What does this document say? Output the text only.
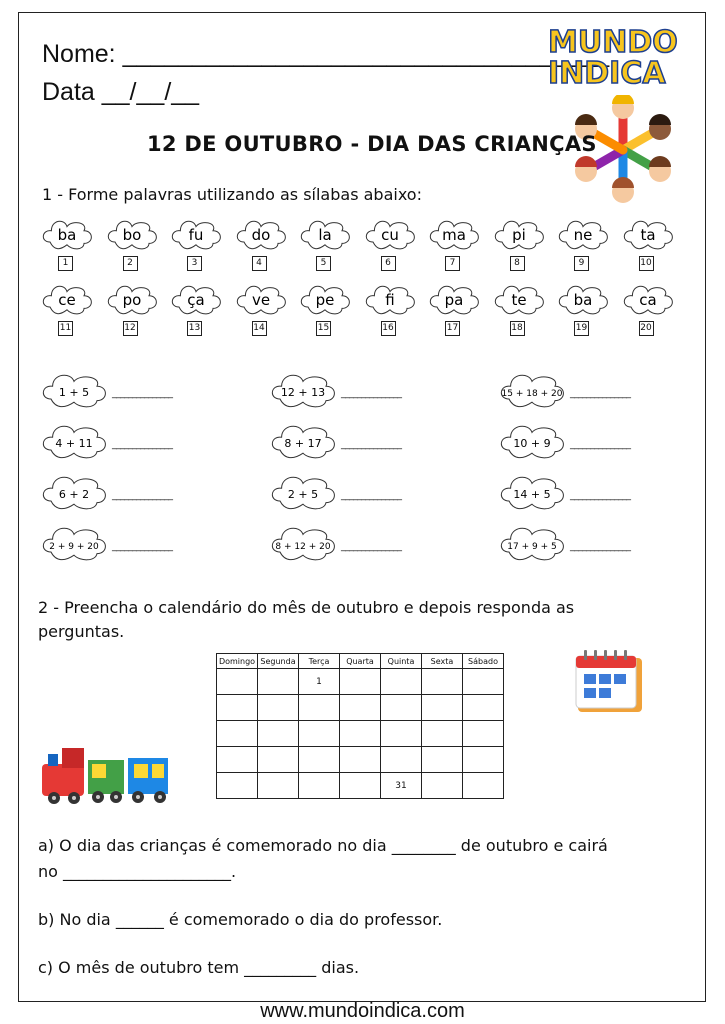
Nome: ___________________________________
Data __/__/__
MUNDO
INDICA
12 DE OUTUBRO - DIA DAS CRIANÇAS
1 - Forme palavras utilizando as sílabas abaixo:
ba
1
bo
2
fu
3
do
4
la
5
cu
6
ma
7
pi
8
ne
9
ta
10
ce
11
po
12
ça
13
ve
14
pe
15
fi
16
pa
17
te
18
ba
19
ca
20
1 + 5 _______________	12 + 13 _______________	15 + 18 + 20 _______________
4 + 11 _______________	8 + 17 _______________	10 + 9 _______________
6 + 2 _______________	2 + 5 _______________	14 + 5 _______________
2 + 9 + 20 _______________	8 + 12 + 20 _______________	17 + 9 + 5 _______________
2 - Preencha o calendário do mês de outubro e depois responda as
perguntas.
Domingo	Segunda	Terça	Quarta	Quinta	Sexta	Sábado
		1				

				31		
a) O dia das crianças é comemorado no dia ________ de outubro e cairá
no _____________________.
b) No dia ______ é comemorado o dia do professor.
c) O mês de outubro tem _________ dias.
www.mundoindica.com
